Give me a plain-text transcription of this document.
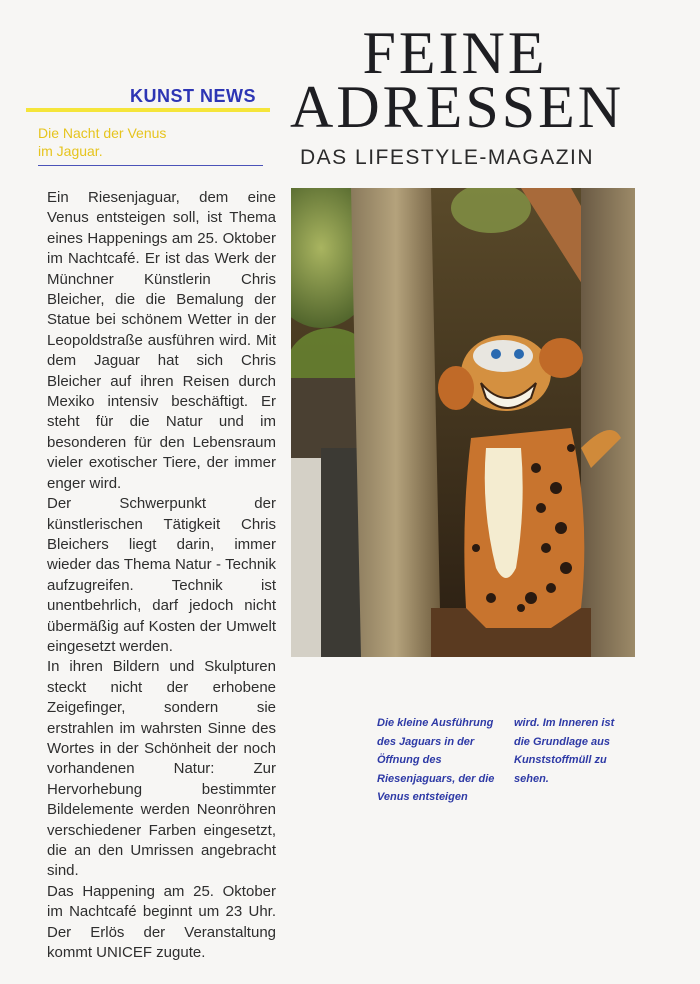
FEINE
ADRESSEN
DAS LIFESTYLE-MAGAZIN
KUNST NEWS
Die Nacht der Venus
im Jaguar.

Ein Riesenjaguar, dem eine Venus entsteigen soll, ist Thema eines Happenings am 25. Oktober im Nachtcafé. Er ist das Werk der Münchner Künstlerin Chris Bleicher, die die Bemalung der Statue bei schönem Wetter in der Leopoldstraße ausführen wird. Mit dem Jaguar hat sich Chris Bleicher auf ihren Reisen durch Mexiko intensiv beschäftigt. Er steht für die Natur und im besonderen für den Lebensraum vieler exotischer Tiere, der immer enger wird.

Der Schwerpunkt der künstlerischen Tätigkeit Chris Bleichers liegt darin, immer wieder das Thema Natur - Technik aufzugreifen. Technik ist unentbehrlich, darf jedoch nicht übermäßig auf Kosten der Umwelt eingesetzt werden.

In ihren Bildern und Skulpturen steckt nicht der erhobene Zeigefinger, sondern sie erstrahlen im wahrsten Sinne des Wortes in der Schönheit der noch vorhandenen Natur: Zur Hervorhebung bestimmter Bildelemente werden Neonröhren verschiedener Farben eingesetzt, die an den Umrissen angebracht sind.

Das Happening am 25. Oktober im Nachtcafé beginnt um 23 Uhr. Der Erlös der Veranstaltung kommt UNICEF zugute.

Die kleine Ausführung des Jaguars in der Öffnung des Riesenjaguars, der die Venus entsteigen
wird. Im Inneren ist die Grundlage aus Kunststoffmüll zu sehen.
